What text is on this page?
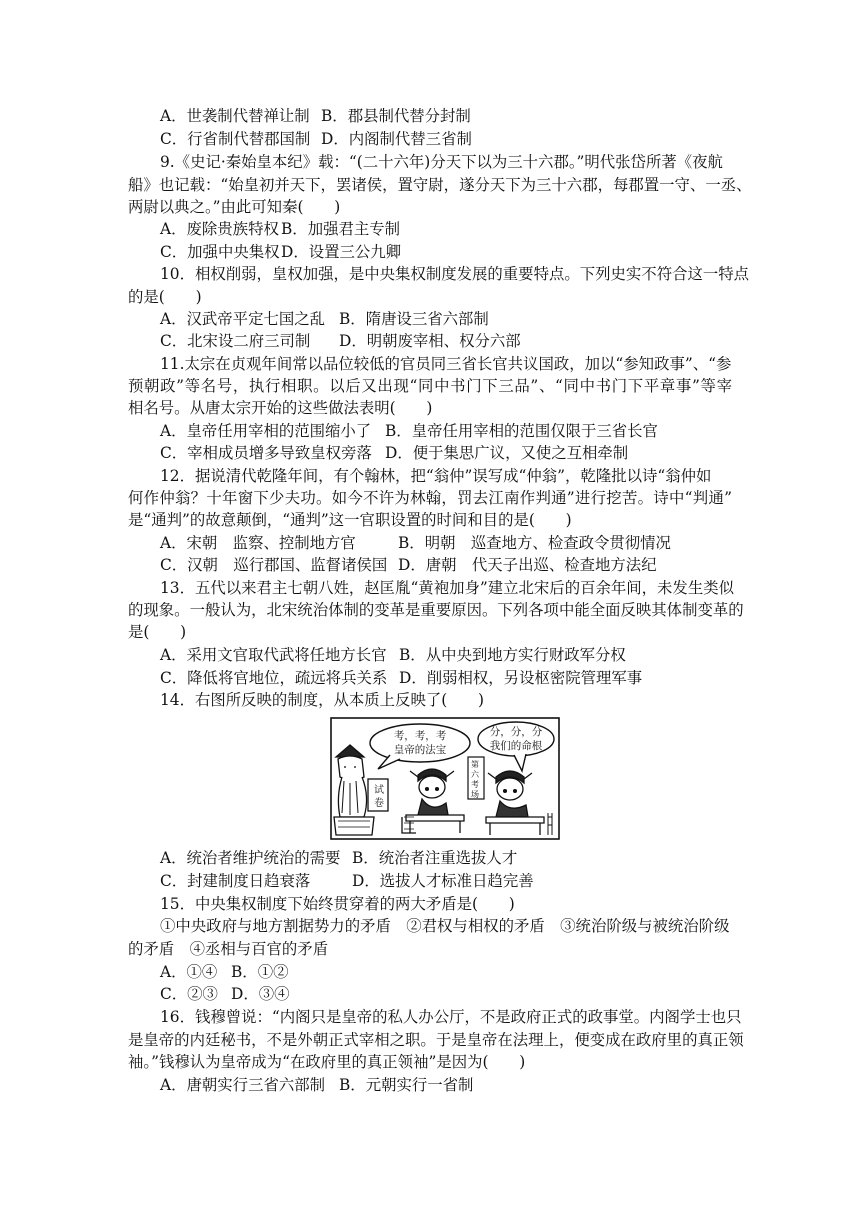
A．世袭制代替禅让制 B．郡县制代替分封制
C．行省制代替郡国制 D．内阁制代替三省制
9.《史记·秦始皇本纪》载：“(二十六年)分天下以为三十六郡。”明代张岱所著《夜航
船》也记载：“始皇初并天下，罢诸侯，置守尉，遂分天下为三十六郡，每郡置一守、一丞、
两尉以典之。”由此可知秦(　　)
A．废除贵族特权 B．加强君主专制
C．加强中央集权 D．设置三公九卿
10．相权削弱，皇权加强，是中央集权制度发展的重要特点。下列史实不符合这一特点
的是(　　)
A．汉武帝平定七国之乱 B．隋唐设三省六部制
C．北宋设二府三司制 D．明朝废宰相、权分六部
11.太宗在贞观年间常以品位较低的官员同三省长官共议国政，加以“参知政事”、“参
预朝政”等名号，执行相职。以后又出现“同中书门下三品”、“同中书门下平章事”等宰
相名号。从唐太宗开始的这些做法表明(　　)
A．皇帝任用宰相的范围缩小了 B．皇帝任用宰相的范围仅限于三省长官
C．宰相成员增多导致皇权旁落 D．便于集思广议，又使之互相牵制
12．据说清代乾隆年间，有个翰林，把“翁仲”误写成“仲翁”，乾隆批以诗“翁仲如
何作仲翁？十年窗下少夫功。如今不许为林翰，罚去江南作判通”进行挖苦。诗中“判通”
是“通判”的故意颠倒，“通判”这一官职设置的时间和目的是(　　)
A．宋朝　监察、控制地方官	B．明朝　巡查地方、检查政令贯彻情况
C．汉朝　巡行郡国、监督诸侯国 D．唐朝　代天子出巡、检查地方法纪
13．五代以来君主七朝八姓，赵匡胤“黄袍加身”建立北宋后的百余年间，未发生类似
的现象。一般认为，北宋统治体制的变革是重要原因。下列各项中能全面反映其体制变革的
是(　　)
A．采用文官取代武将任地方长官 B．从中央到地方实行财政军分权
C．降低将官地位，疏远将兵关系 D．削弱相权，另设枢密院管理军事
14．右图所反映的制度，从本质上反映了(　　)
试
卷
考，考，考
皇帝的法宝
分，分，分
我们的命根
第
六
考
场
A．统治者维护统治的需要 B．统治者注重选拔人才
C．封建制度日趋衰落	D．选拔人才标准日趋完善
15．中央集权制度下始终贯穿着的两大矛盾是(　　)
①中央政府与地方割据势力的矛盾　②君权与相权的矛盾　③统治阶级与被统治阶级
的矛盾　④丞相与百官的矛盾
A．①④ B．①②
C．②③ D．③④
16．钱穆曾说：“内阁只是皇帝的私人办公厅，不是政府正式的政事堂。内阁学士也只
是皇帝的内廷秘书，不是外朝正式宰相之职。于是皇帝在法理上，便变成在政府里的真正领
袖。”钱穆认为皇帝成为“在政府里的真正领袖”是因为(　　)
A．唐朝实行三省六部制 B．元朝实行一省制
